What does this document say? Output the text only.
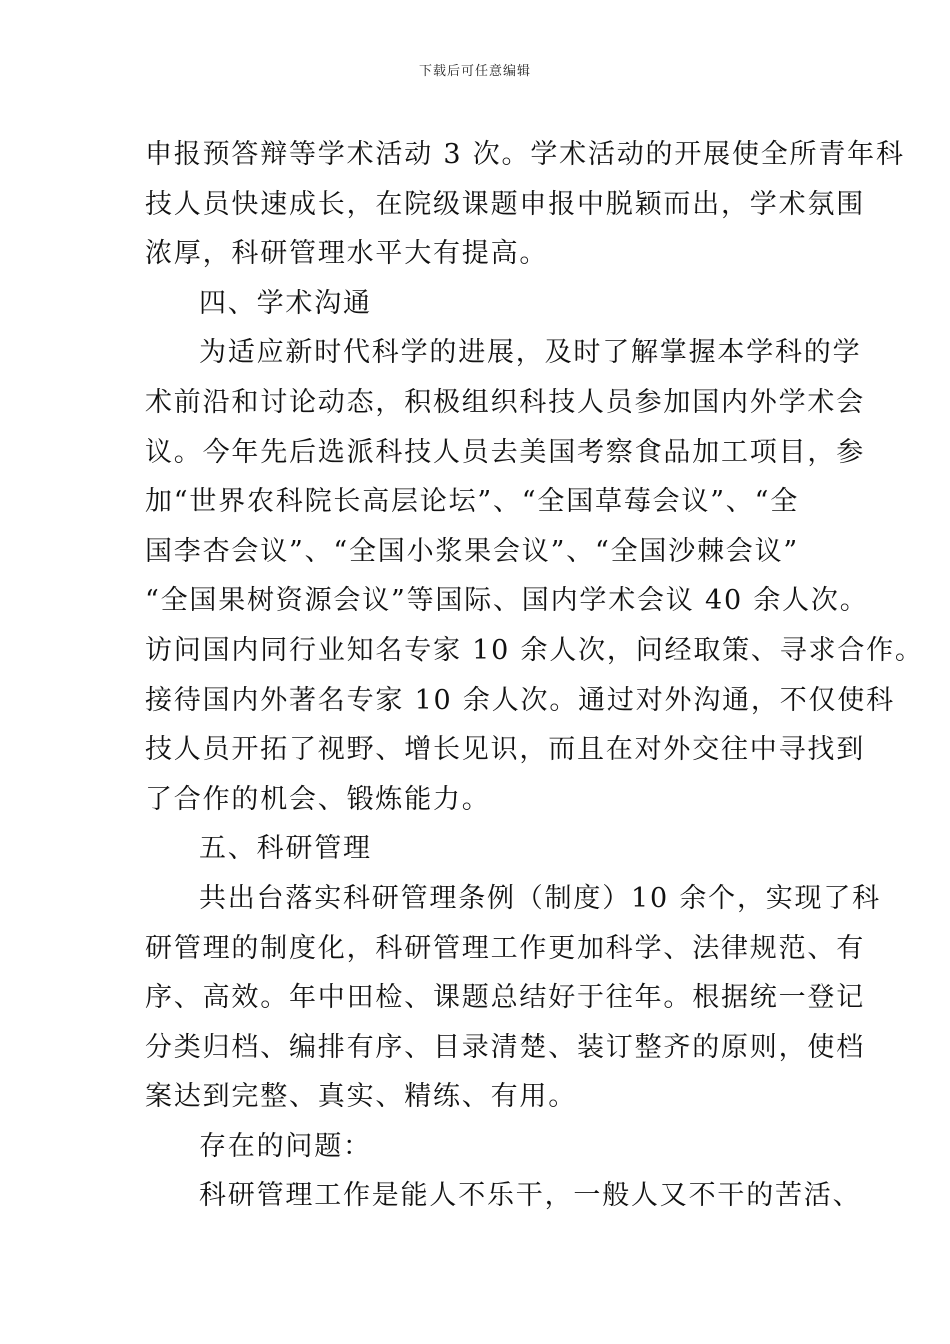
下载后可任意编辑
申报预答辩等学术活动 3 次。学术活动的开展使全所青年科
技人员快速成长，在院级课题申报中脱颖而出，学术氛围
浓厚，科研管理水平大有提高。
四、学术沟通
为适应新时代科学的进展，及时了解掌握本学科的学
术前沿和讨论动态，积极组织科技人员参加国内外学术会
议。今年先后选派科技人员去美国考察食品加工项目，参
加“世界农科院长高层论坛”、“全国草莓会议”、“全
国李杏会议”、“全国小浆果会议”、“全国沙棘会议”
“全国果树资源会议”等国际、国内学术会议 40 余人次。
访问国内同行业知名专家 10 余人次，问经取策、寻求合作。
接待国内外著名专家 10 余人次。通过对外沟通，不仅使科
技人员开拓了视野、增长见识，而且在对外交往中寻找到
了合作的机会、锻炼能力。
五、科研管理
共出台落实科研管理条例（制度）10 余个，实现了科
研管理的制度化，科研管理工作更加科学、法律规范、有
序、高效。年中田检、课题总结好于往年。根据统一登记
分类归档、编排有序、目录清楚、装订整齐的原则，使档
案达到完整、真实、精练、有用。
存在的问题：
科研管理工作是能人不乐干，一般人又不干的苦活、
